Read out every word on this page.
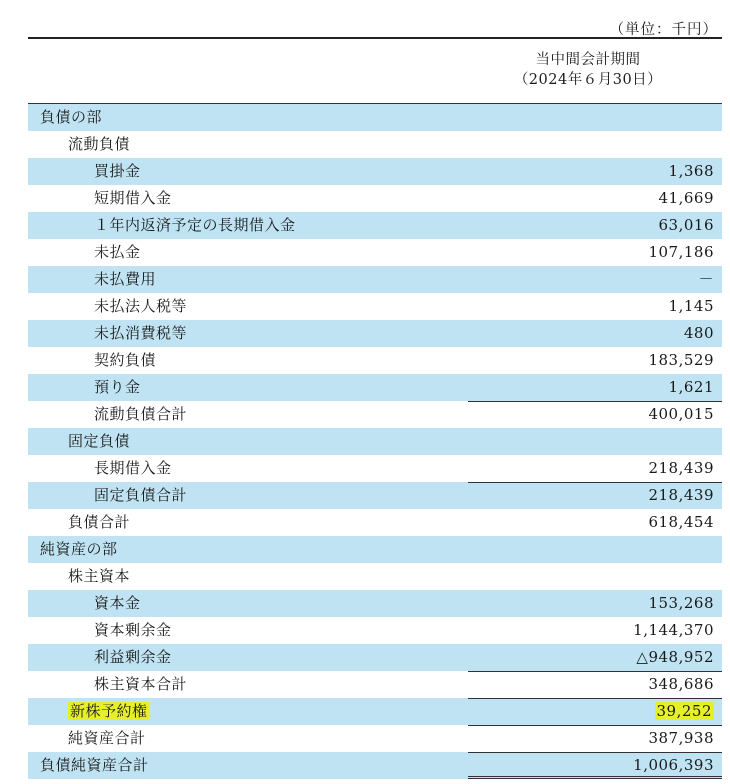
（単位：千円）
当中間会計期間
（2024年６月30日）
負債の部
流動負債
買掛金	1,368
短期借入金	41,669
１年内返済予定の長期借入金	63,016
未払金	107,186
未払費用	－
未払法人税等	1,145
未払消費税等	480
契約負債	183,529
預り金	1,621
流動負債合計	400,015
固定負債
長期借入金	218,439
固定負債合計	218,439
負債合計	618,454
純資産の部
株主資本
資本金	153,268
資本剰余金	1,144,370
利益剰余金	△948,952
株主資本合計	348,686
新株予約権	39,252
純資産合計	387,938
負債純資産合計	1,006,393
